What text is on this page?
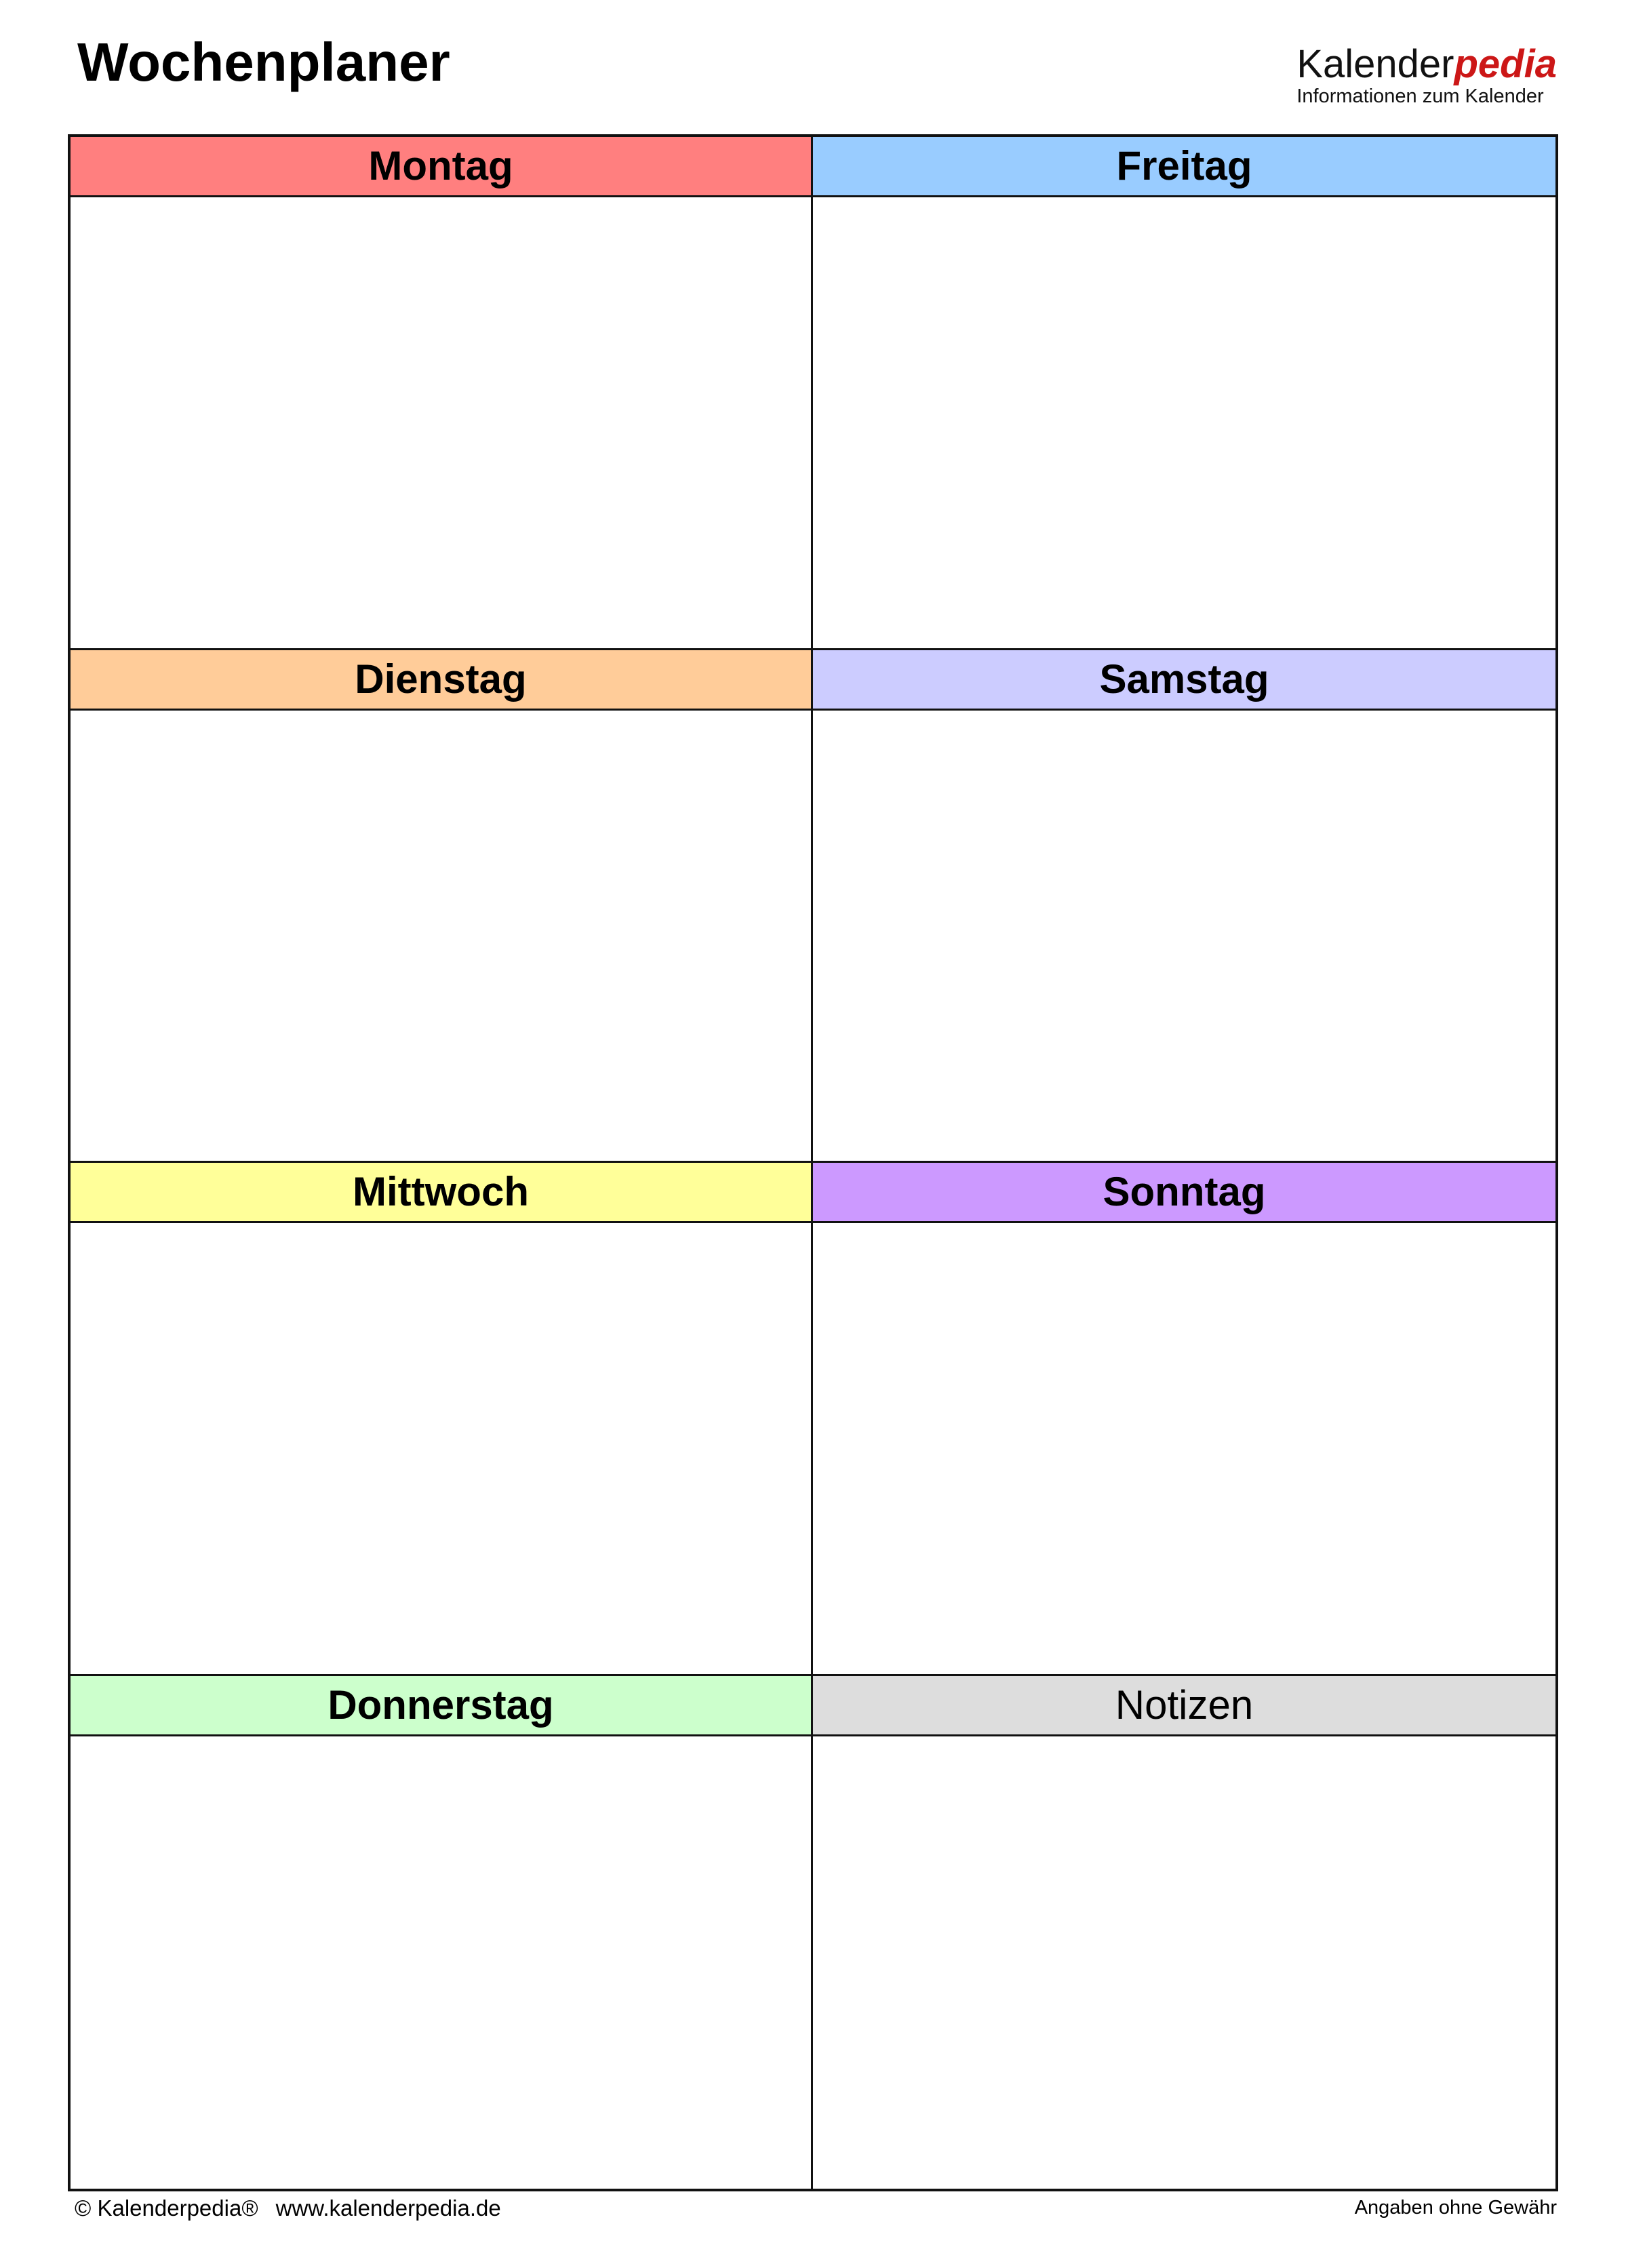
Wochenplaner	Kalenderpedia
Informationen zum Kalender
Montag	Freitag
Dienstag	Samstag
Mittwoch	Sonntag
Donnerstag	Notizen
© Kalenderpedia® www.kalenderpedia.de	Angaben ohne Gewähr
